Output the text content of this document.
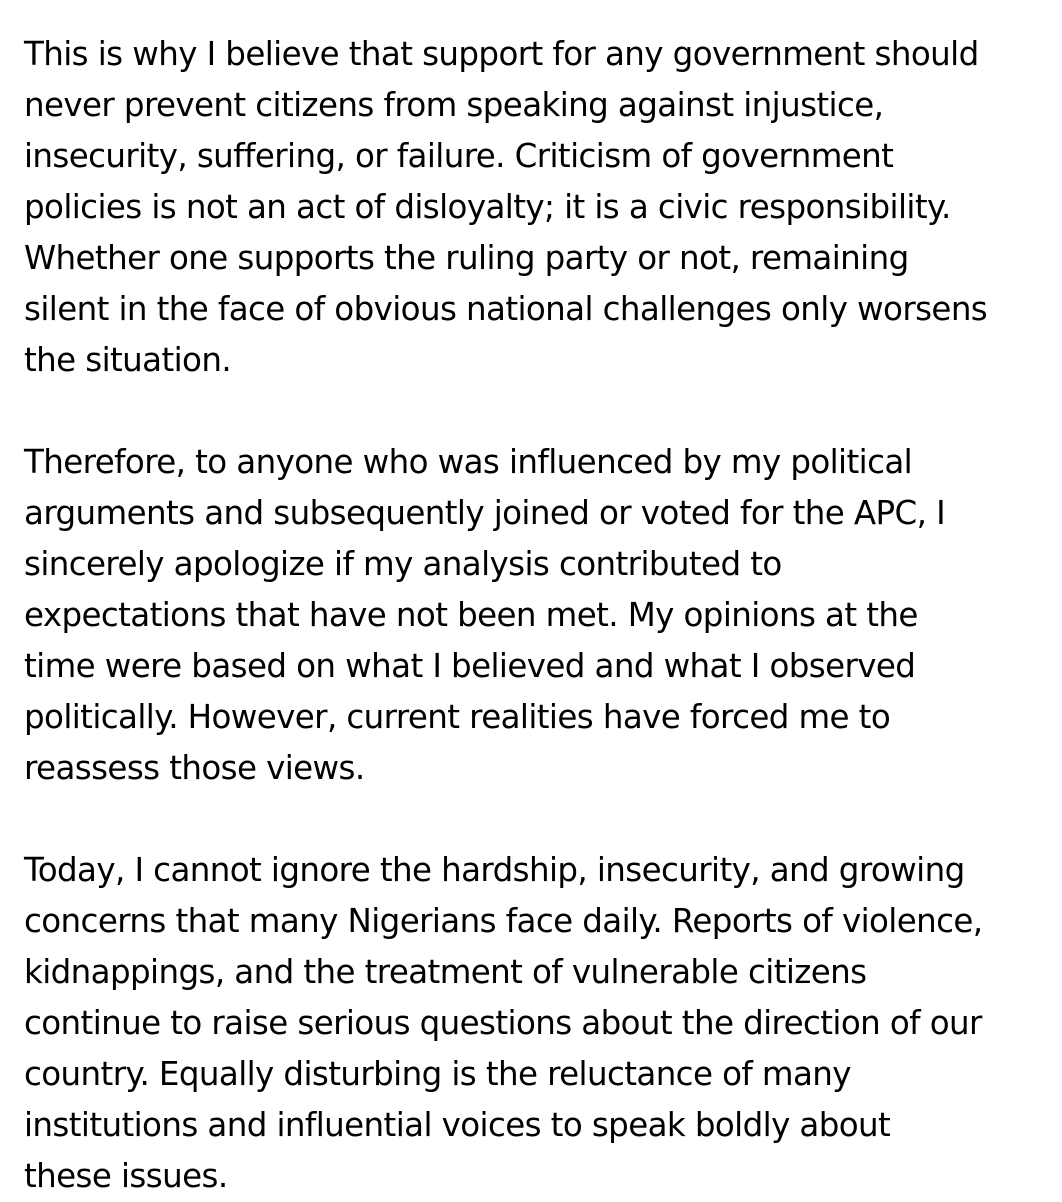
This is why I believe that support for any government should
never prevent citizens from speaking against injustice,
insecurity, suffering, or failure. Criticism of government
policies is not an act of disloyalty; it is a civic responsibility.
Whether one supports the ruling party or not, remaining
silent in the face of obvious national challenges only worsens
the situation.

Therefore, to anyone who was influenced by my political
arguments and subsequently joined or voted for the APC, I
sincerely apologize if my analysis contributed to
expectations that have not been met. My opinions at the
time were based on what I believed and what I observed
politically. However, current realities have forced me to
reassess those views.

Today, I cannot ignore the hardship, insecurity, and growing
concerns that many Nigerians face daily. Reports of violence,
kidnappings, and the treatment of vulnerable citizens
continue to raise serious questions about the direction of our
country. Equally disturbing is the reluctance of many
institutions and influential voices to speak boldly about
these issues.
